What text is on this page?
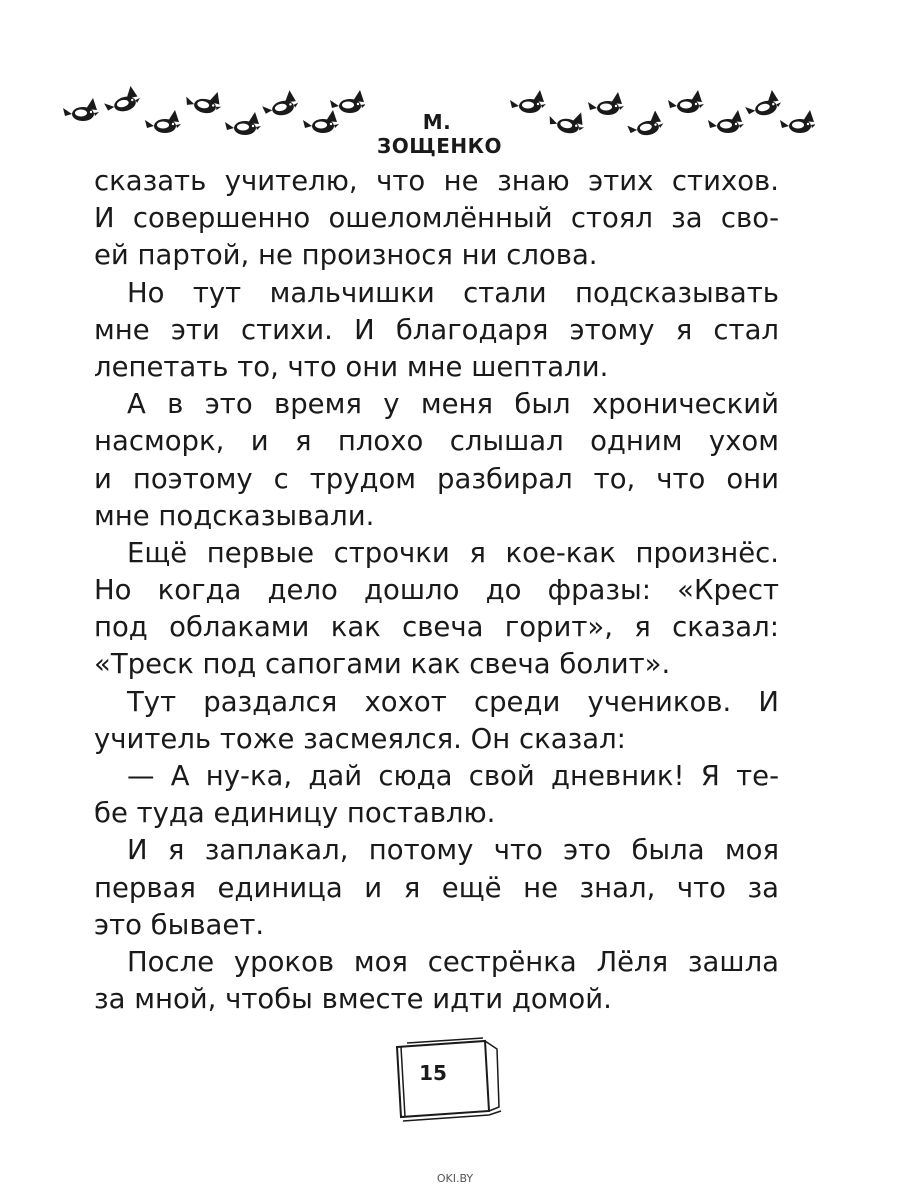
М. ЗОЩЕНКО
сказать учителю, что не знаю этих стихов.
И совершенно ошеломлённый стоял за сво-
ей партой, не произнося ни слова.
Но тут мальчишки стали подсказывать
мне эти стихи. И благодаря этому я стал
лепетать то, что они мне шептали.
А в это время у меня был хронический
насморк, и я плохо слышал одним ухом
и поэтому с трудом разбирал то, что они
мне подсказывали.
Ещё первые строчки я кое-как произнёс.
Но когда дело дошло до фразы: «Крест
под облаками как свеча горит», я сказал:
«Треск под сапогами как свеча болит».
Тут раздался хохот среди учеников. И
учитель тоже засмеялся. Он сказал:
— А ну-ка, дай сюда свой дневник! Я те-
бе туда единицу поставлю.
И я заплакал, потому что это была моя
первая единица и я ещё не знал, что за
это бывает.
После уроков моя сестрёнка Лёля зашла
за мной, чтобы вместе идти домой.
15
OKI.BY
